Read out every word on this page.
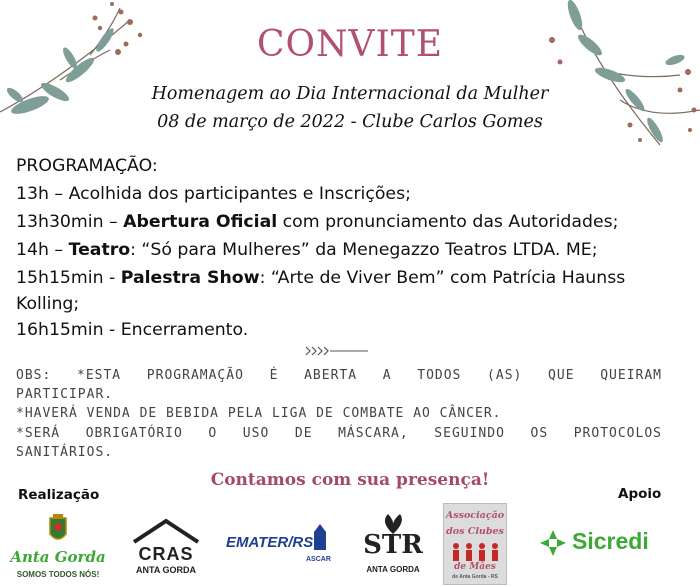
CONVITE
Homenagem ao Dia Internacional da Mulher
08 de março de 2022 - Clube Carlos Gomes
PROGRAMAÇÃO:
13h – Acolhida dos participantes e Inscrições;
13h30min – Abertura Oficial com pronunciamento das Autoridades;
14h – Teatro: “Só para Mulheres” da Menegazzo Teatros LTDA. ME;
15h15min - Palestra Show: “Arte de Viver Bem” com Patrícia Haunss
Kolling;
16h15min - Encerramento.
OBS: *ESTA PROGRAMAÇÃO É ABERTA A TODOS (AS) QUE QUEIRAM
PARTICIPAR.
*HAVERÁ VENDA DE BEBIDA PELA LIGA DE COMBATE AO CÂNCER.
*SERÁ OBRIGATÓRIO O USO DE MÁSCARA, SEGUINDO OS PROTOCOLOS
SANITÁRIOS.
Contamos com sua presença!
Realização	Apoio
Anta Gorda
SOMOS TODOS NÓS!
CRAS
ANTA GORDA
EMATER/RS
ASCAR STR
ANTA GORDA
Associação
dos Clubes
de Mães
de Anta Gorda - RS
Sicredi
